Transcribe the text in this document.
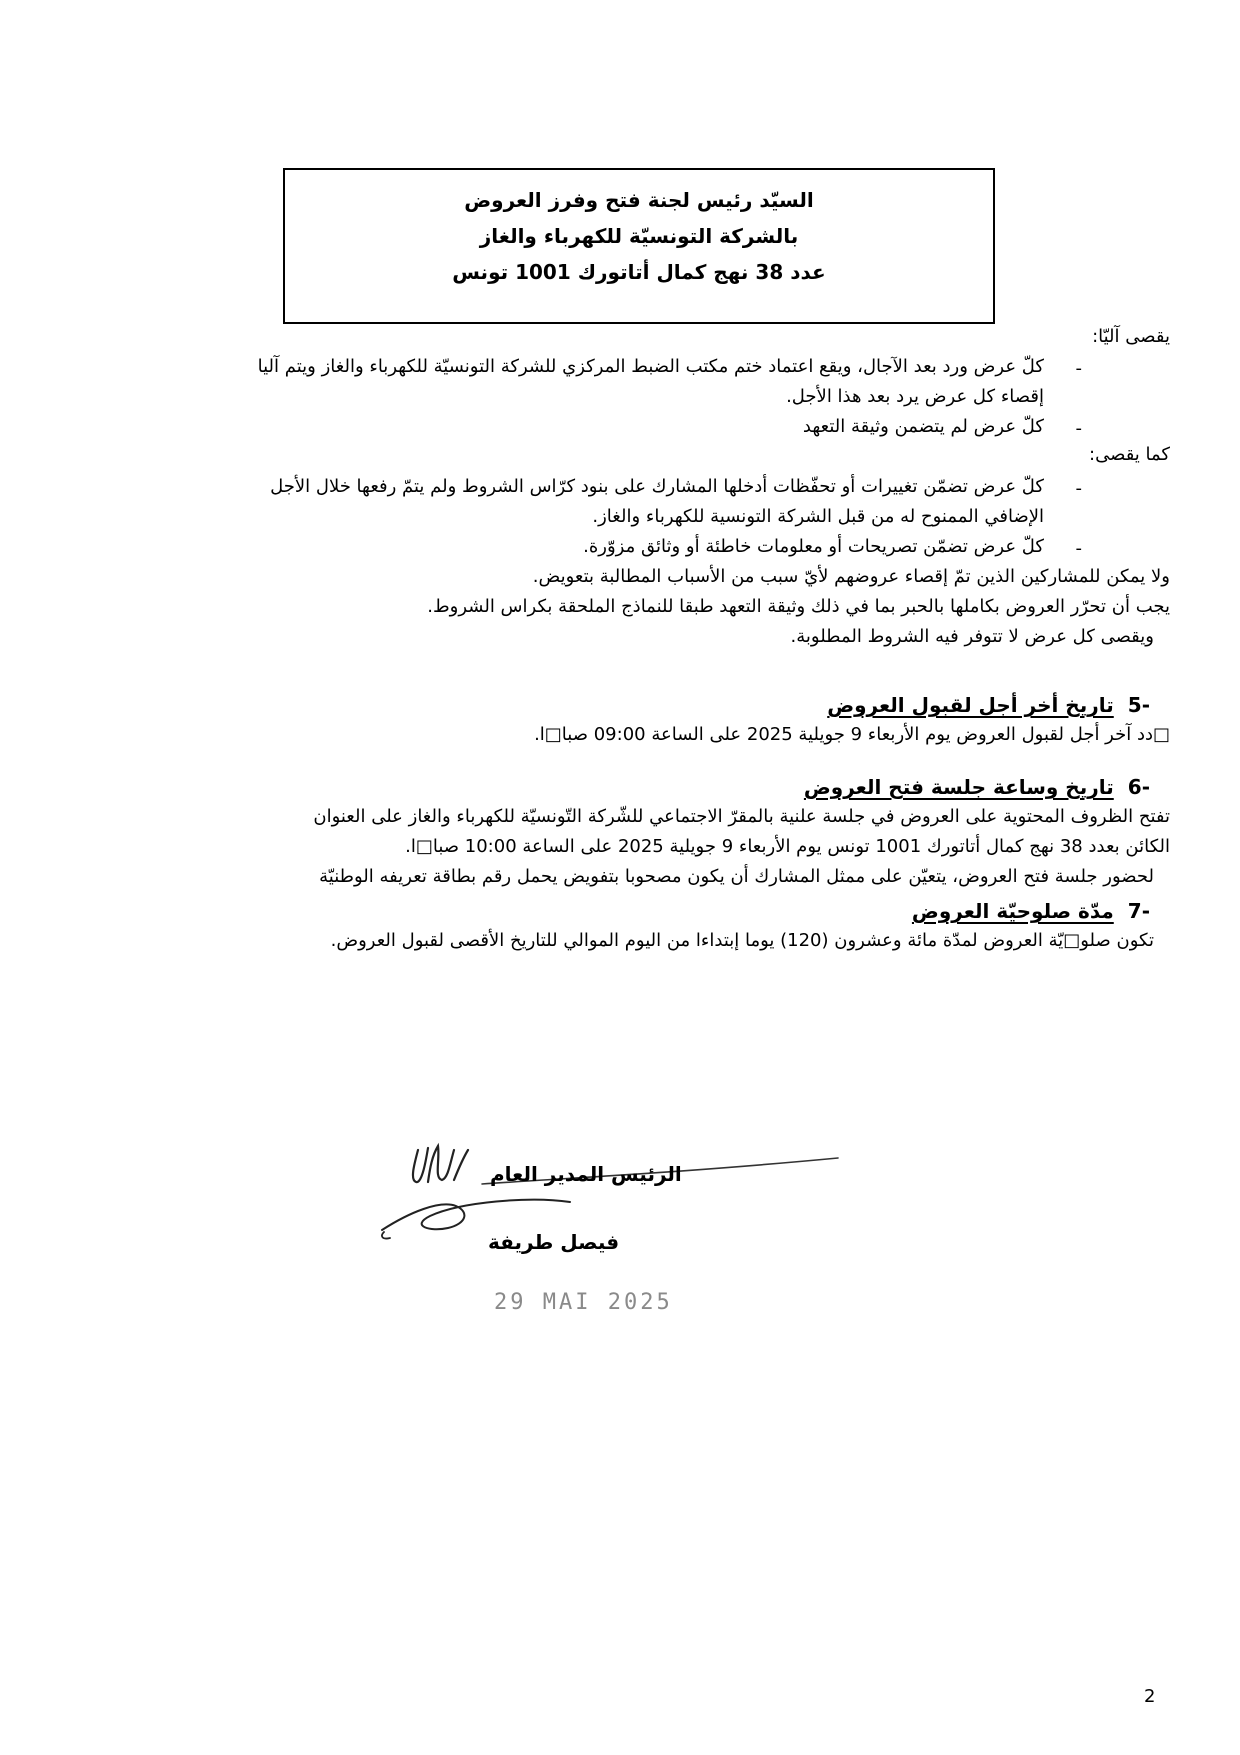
السيّد رئيس لجنة فتح وفرز العروض
بالشركة التونسيّة للكهرباء والغاز
عدد 38 نهج كمال أتاتورك 1001 تونس
يقصى آليّا:
-
كلّ عرض ورد بعد الآجال، ويقع اعتماد ختم مكتب الضبط المركزي للشركة التونسيّة للكهرباء والغاز ويتم آليا
إقصاء كل عرض يرد بعد هذا الأجل.
-
كلّ عرض لم يتضمن وثيقة التعهد
كما يقصى:
-
كلّ عرض تضمّن تغييرات أو تحفّظات أدخلها المشارك على بنود كرّاس الشروط ولم يتمّ رفعها خلال الأجل
الإضافي الممنوح له من قبل الشركة التونسية للكهرباء والغاز.
-
كلّ عرض تضمّن تصريحات أو معلومات خاطئة أو وثائق مزوّرة.
ولا يمكن للمشاركين الذين تمّ إقصاء عروضهم لأيّ سبب من الأسباب المطالبة بتعويض.
يجب أن تحرّر العروض بكاملها بالحبر بما في ذلك وثيقة التعهد طبقا للنماذج الملحقة بكراس الشروط.
ويقصى كل عرض لا تتوفر فيه الشروط المطلوبة.
-5تاريخ أخر أجل لقبول العروض
□دد آخر أجل لقبول العروض يوم الأربعاء 9 جويلية 2025 على الساعة 09:00 صبا□ا.
-6تاريخ وساعة جلسة فتح العروض
تفتح الظروف المحتوية على العروض في جلسة علنية بالمقرّ الاجتماعي للشّركة التّونسيّة للكهرباء والغاز على العنوان
الكائن بعدد 38 نهج كمال أتاتورك 1001 تونس يوم الأربعاء 9 جويلية 2025 على الساعة 10:00 صبا□ا.
لحضور جلسة فتح العروض، يتعيّن على ممثل المشارك أن يكون مصحوبا بتفويض يحمل رقم بطاقة تعريفه الوطنيّة
-7مدّة صلوحيّة العروض
تكون صلو□يّة العروض لمدّة مائة وعشرون (120) يوما إبتداءا من اليوم الموالي للتاريخ الأقصى لقبول العروض.
الرئيس المدير العام
فيصل طريفة
29 MAI 2025
2
